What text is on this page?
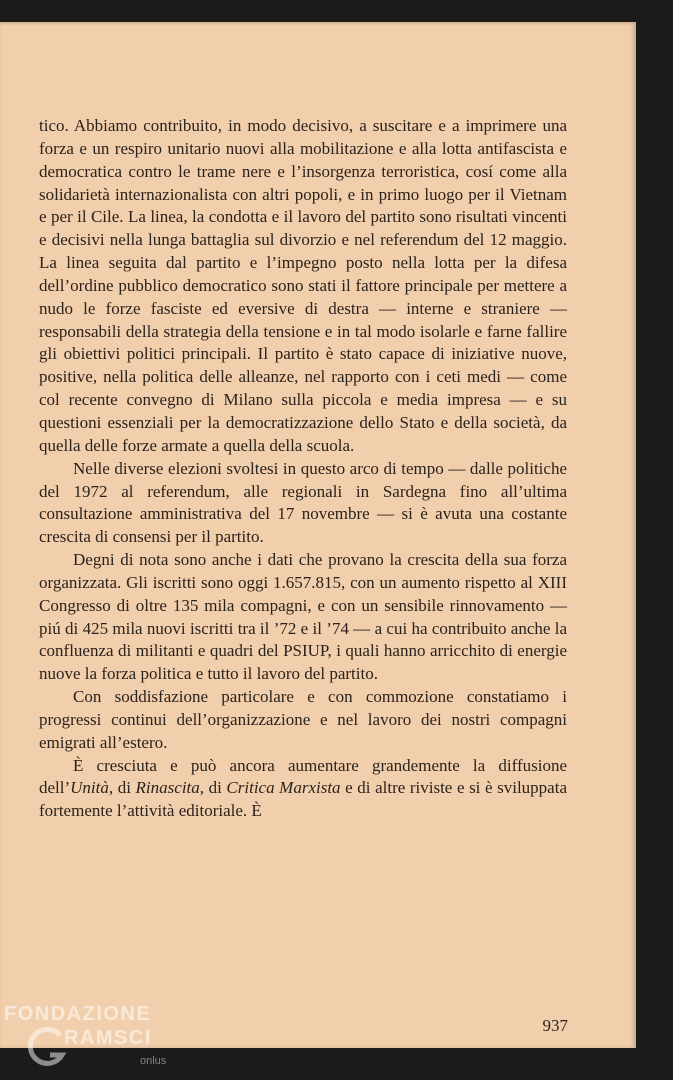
tico. Abbiamo contribuito, in modo decisivo, a suscitare e a imprimere una forza e un respiro unitario nuovi alla mobilitazione e alla lotta antifascista e democratica contro le trame nere e l’insorgenza terroristica, cosí come alla solidarietà internazionalista con altri popoli, e in primo luogo per il Vietnam e per il Cile. La linea, la condotta e il lavoro del partito sono risultati vincenti e decisivi nella lunga battaglia sul divorzio e nel referendum del 12 maggio. La linea seguita dal partito e l’impegno posto nella lotta per la difesa dell’ordine pubblico democratico sono stati il fattore principale per mettere a nudo le forze fasciste ed eversive di destra — interne e straniere — responsabili della strategia della tensione e in tal modo isolarle e farne fallire gli obiettivi politici principali. Il partito è stato capace di iniziative nuove, positive, nella politica delle alleanze, nel rapporto con i ceti medi — come col recente convegno di Milano sulla piccola e media impresa — e su questioni essenziali per la democratizzazione dello Stato e della società, da quella delle forze armate a quella della scuola.

Nelle diverse elezioni svoltesi in questo arco di tempo — dalle politiche del 1972 al referendum, alle regionali in Sardegna fino all’ultima consultazione amministrativa del 17 novembre — si è avuta una costante crescita di consensi per il partito.

Degni di nota sono anche i dati che provano la crescita della sua forza organizzata. Gli iscritti sono oggi 1.657.815, con un aumento rispetto al XIII Congresso di oltre 135 mila compagni, e con un sensibile rinnovamento — piú di 425 mila nuovi iscritti tra il ’72 e il ’74 — a cui ha contribuito anche la confluenza di militanti e quadri del PSIUP, i quali hanno arricchito di energie nuove la forza politica e tutto il lavoro del partito.

Con soddisfazione particolare e con commozione constatiamo i progressi continui dell’organizzazione e nel lavoro dei nostri compagni emigrati all’estero.

È cresciuta e può ancora aumentare grandemente la diffusione dell’Unità, di Rinascita, di Critica Marxista e di altre riviste e si è sviluppata fortemente l’attività editoriale. È

937
FONDAZIONE
RAMSCI
onlus
